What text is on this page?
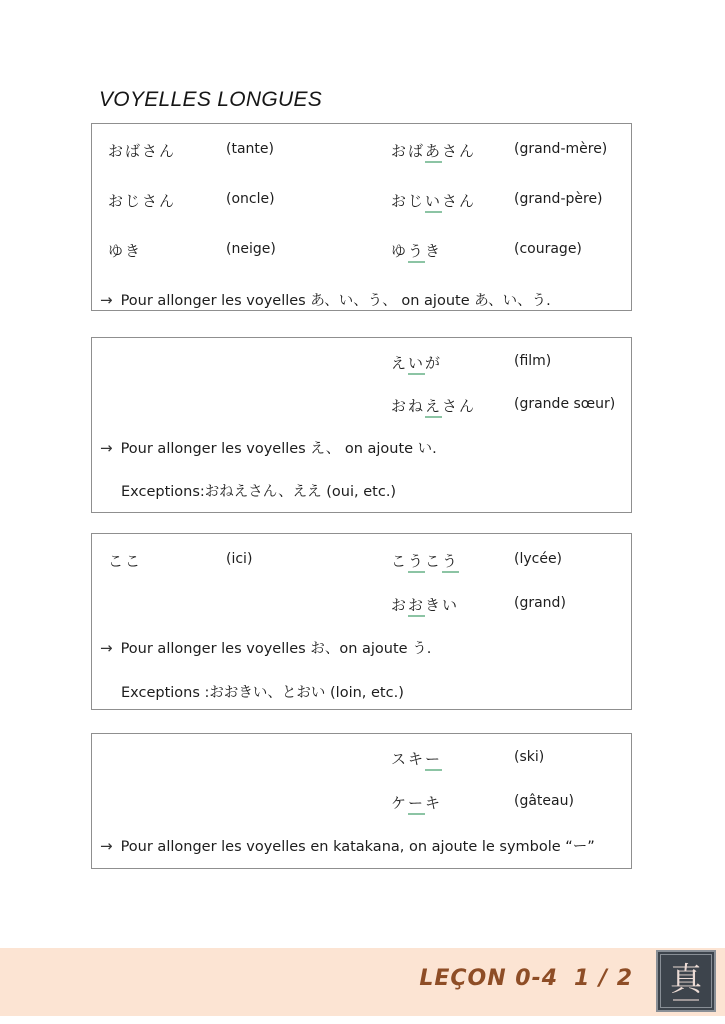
VOYELLES LONGUES
おばさん	(tante)	おばあさん	(grand-mère)
おじさん	(oncle)	おじいさん	(grand-père)
ゆき	(neige)	ゆうき	(courage)
→ Pour allonger les voyelles あ、い、う、 on ajoute あ、い、う.
えいが	(film)
おねえさん	(grande sœur)
→ Pour allonger les voyelles え、 on ajoute い.
Exceptions:おねえさん、ええ (oui, etc.)
ここ	(ici)	こうこう	(lycée)
おおきい	(grand)
→ Pour allonger les voyelles お、on ajoute う.
Exceptions :おおきい、とおい (loin, etc.)
スキー	(ski)
ケーキ	(gâteau)
→ Pour allonger les voyelles en katakana, on ajoute le symbole “ー”
LEÇON 0-4 1 / 2 真
